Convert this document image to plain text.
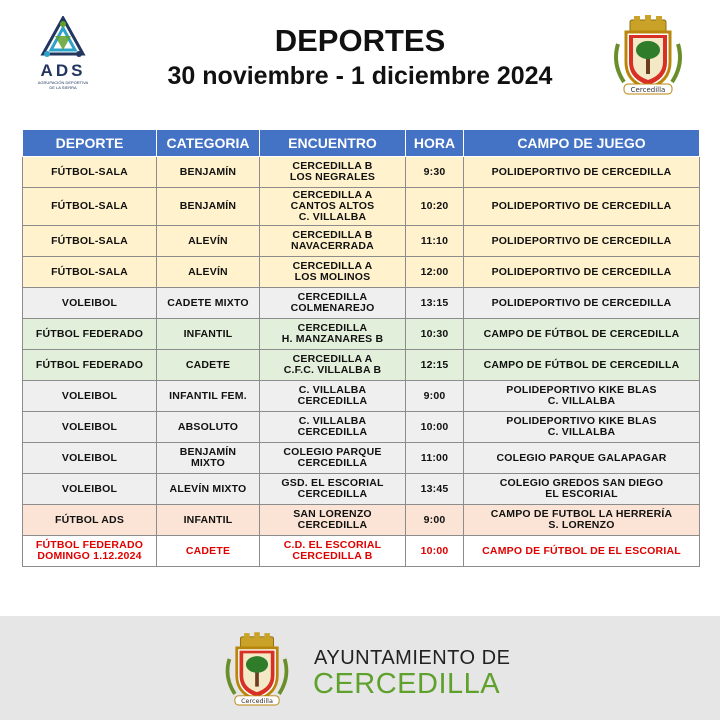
ADS
AGRUPACIÓN DEPORTIVA
DE LA SIERRA
DEPORTES
30 noviembre - 1 diciembre 2024	Cercedilla
DEPORTE	CATEGORIA	ENCUENTRO	HORA	CAMPO DE JUEGO

FÚTBOL-SALA	BENJAMÍN	CERCEDILLA B
LOS NEGRALES	9:30	POLIDEPORTIVO DE CERCEDILLA

FÚTBOL-SALA	BENJAMÍN	CERCEDILLA A
CANTOS ALTOS
C. VILLALBA	10:20	POLIDEPORTIVO DE CERCEDILLA

FÚTBOL-SALA	ALEVÍN	CERCEDILLA B
NAVACERRADA	11:10	POLIDEPORTIVO DE CERCEDILLA

FÚTBOL-SALA	ALEVÍN	CERCEDILLA A
LOS MOLINOS	12:00	POLIDEPORTIVO DE CERCEDILLA

VOLEIBOL	CADETE MIXTO	CERCEDILLA
COLMENAREJO	13:15	POLIDEPORTIVO DE CERCEDILLA

FÚTBOL FEDERADO	INFANTIL	CERCEDILLA
H. MANZANARES B	10:30	CAMPO DE FÚTBOL DE CERCEDILLA

FÚTBOL FEDERADO	CADETE	CERCEDILLA A
C.F.C. VILLALBA B	12:15	CAMPO DE FÚTBOL DE CERCEDILLA

VOLEIBOL	INFANTIL FEM.	C. VILLALBA
CERCEDILLA	9:00	POLIDEPORTIVO KIKE BLAS
C. VILLALBA

VOLEIBOL	ABSOLUTO	C. VILLALBA
CERCEDILLA	10:00	POLIDEPORTIVO KIKE BLAS
C. VILLALBA

VOLEIBOL	BENJAMÍN
MIXTO	COLEGIO PARQUE
CERCEDILLA	11:00	COLEGIO PARQUE GALAPAGAR

VOLEIBOL	ALEVÍN MIXTO	GSD. EL ESCORIAL
CERCEDILLA	13:45	COLEGIO GREDOS SAN DIEGO
EL ESCORIAL

FÚTBOL ADS	INFANTIL	SAN LORENZO
CERCEDILLA	9:00	CAMPO DE FUTBOL LA HERRERÍA
S. LORENZO

FÚTBOL FEDERADO
DOMINGO 1.12.2024	CADETE	C.D. EL ESCORIAL
CERCEDILLA B	10:00	CAMPO DE FÚTBOL DE EL ESCORIAL
Cercedilla
AYUNTAMIENTO DE
CERCEDILLA
